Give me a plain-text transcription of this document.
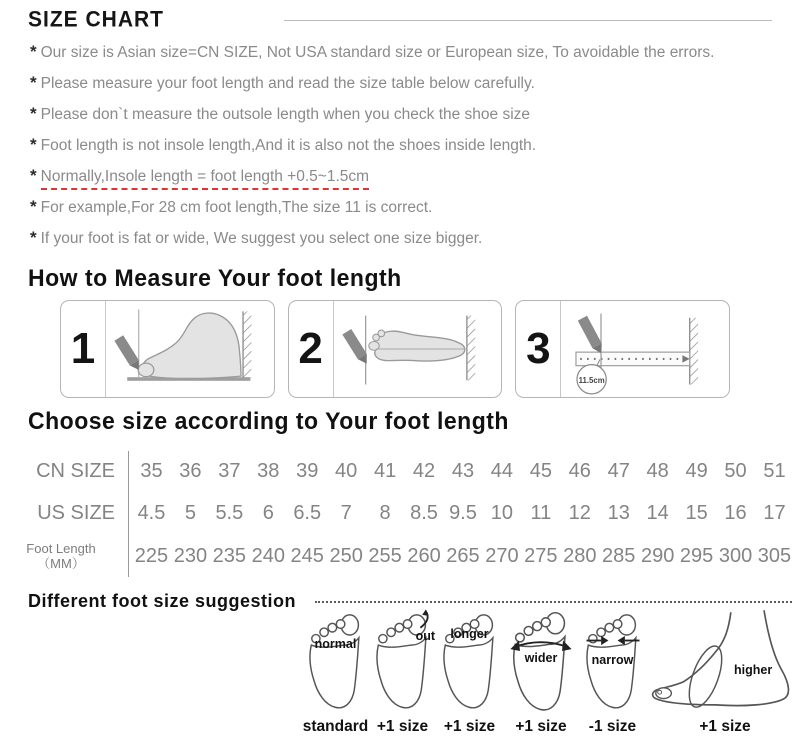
SIZE CHART
* Our size is Asian size=CN SIZE, Not USA standard size or European size, To avoidable the errors.
* Please measure your foot length and read the size table below carefully.
* Please don`t measure the outsole length when you check the shoe size
* Foot length is not insole length,And it is also not the shoes inside length.
* Normally,Insole length = foot length +0.5~1.5cm
* For example,For 28 cm foot length,The size 11 is correct.
* If your foot is fat or wide, We suggest you select one size bigger.
How to Measure Your foot length
1	2	3
11.5cm
Choose size according to Your foot length
CN SIZE	35 36 37 38 39 40 41 42 43 44 45 46 47 48 49 50 51
US SIZE	4.5 5 5.5 6 6.5 7	8 8.5 9.5 10 11 12 13 14 15 16 17
Foot Length
（MM）	225 230 235 240 245 250 255 260 265 270 275 280 285 290 295 300 305
Different foot size suggestion
normal
standard
out
+1 size
longer
+1 size
wider
+1 size
narrow
-1 size
higher
+1 size
